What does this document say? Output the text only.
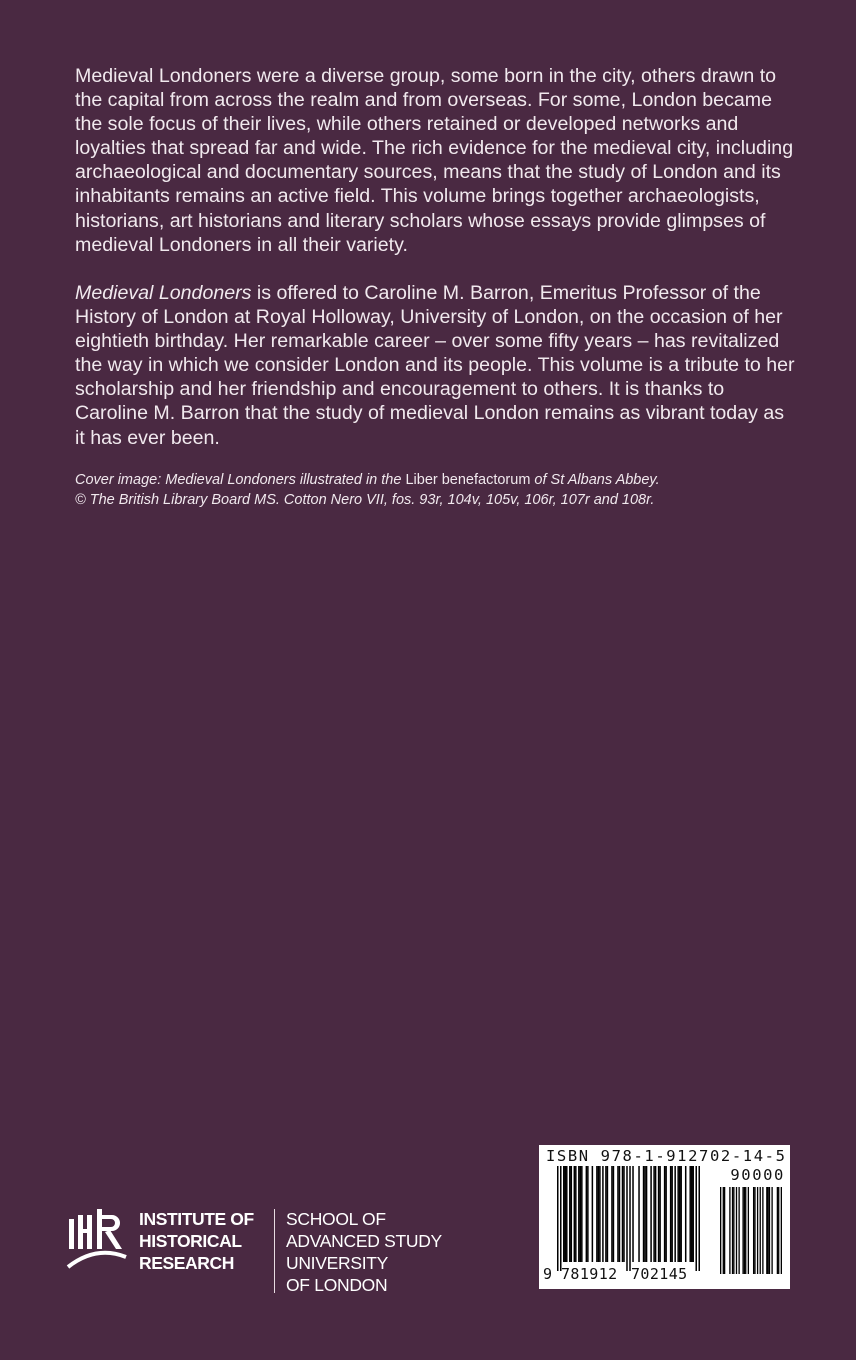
Medieval Londoners were a diverse group, some born in the city, others drawn to the capital from across the realm and from overseas. For some, London became the sole focus of their lives, while others retained or developed networks and loyalties that spread far and wide. The rich evidence for the medieval city, including archaeological and documentary sources, means that the study of London and its inhabitants remains an active field. This volume brings together archaeologists, historians, art historians and literary scholars whose essays provide glimpses of medieval Londoners in all their variety.

Medieval Londoners is offered to Caroline M. Barron, Emeritus Professor of the History of London at Royal Holloway, University of London, on the occasion of her eightieth birthday. Her remarkable career – over some fifty years – has revitalized the way in which we consider London and its people. This volume is a tribute to her scholarship and her friendship and encouragement to others. It is thanks to Caroline M. Barron that the study of medieval London remains as vibrant today as it has ever been.

Cover image: Medieval Londoners illustrated in the Liber benefactorum of St Albans Abbey.
© The British Library Board MS. Cotton Nero VII, fos. 93r, 104v, 105v, 106r, 107r and 108r.

INSTITUTE OF
HISTORICAL
RESEARCH
SCHOOL OF
ADVANCED STUDY
UNIVERSITY
OF LONDON
ISBN 978-1-912702-14-5
90000
9 781912 702145
